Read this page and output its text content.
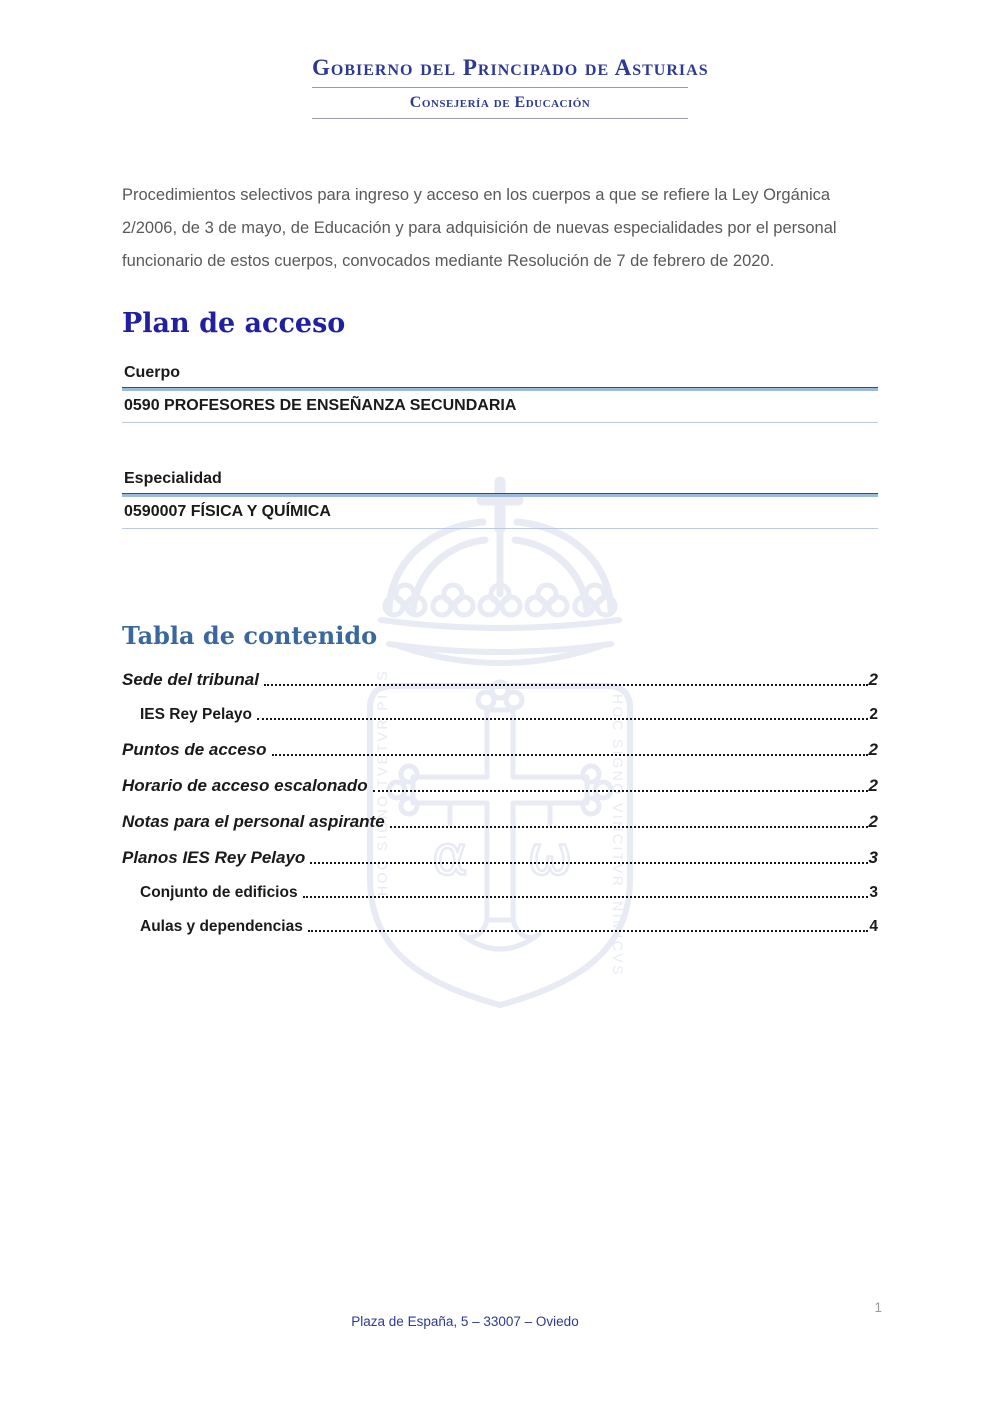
α ω
HOC SIGNO TVETVR PIVS	HOC SIGNO VINCITVR INIMICVS
Gobierno del Principado de Asturias
Consejería de Educación

Procedimientos selectivos para ingreso y acceso en los cuerpos a que se refiere la Ley Orgánica 2/2006, de 3 de mayo, de Educación y para adquisición de nuevas especialidades por el personal funcionario de estos cuerpos, convocados mediante Resolución de 7 de febrero de 2020.

Plan de acceso
Cuerpo
0590 PROFESORES DE ENSEÑANZA SECUNDARIA
Especialidad
0590007 FÍSICA Y QUÍMICA
Tabla de contenido
Sede del tribunal	2
IES Rey Pelayo	2
Puntos de acceso	2
Horario de acceso escalonado	2
Notas para el personal aspirante	2
Planos IES Rey Pelayo	3
Conjunto de edificios	3
Aulas y dependencias	4
Plaza de España, 5 – 33007 – Oviedo
1
